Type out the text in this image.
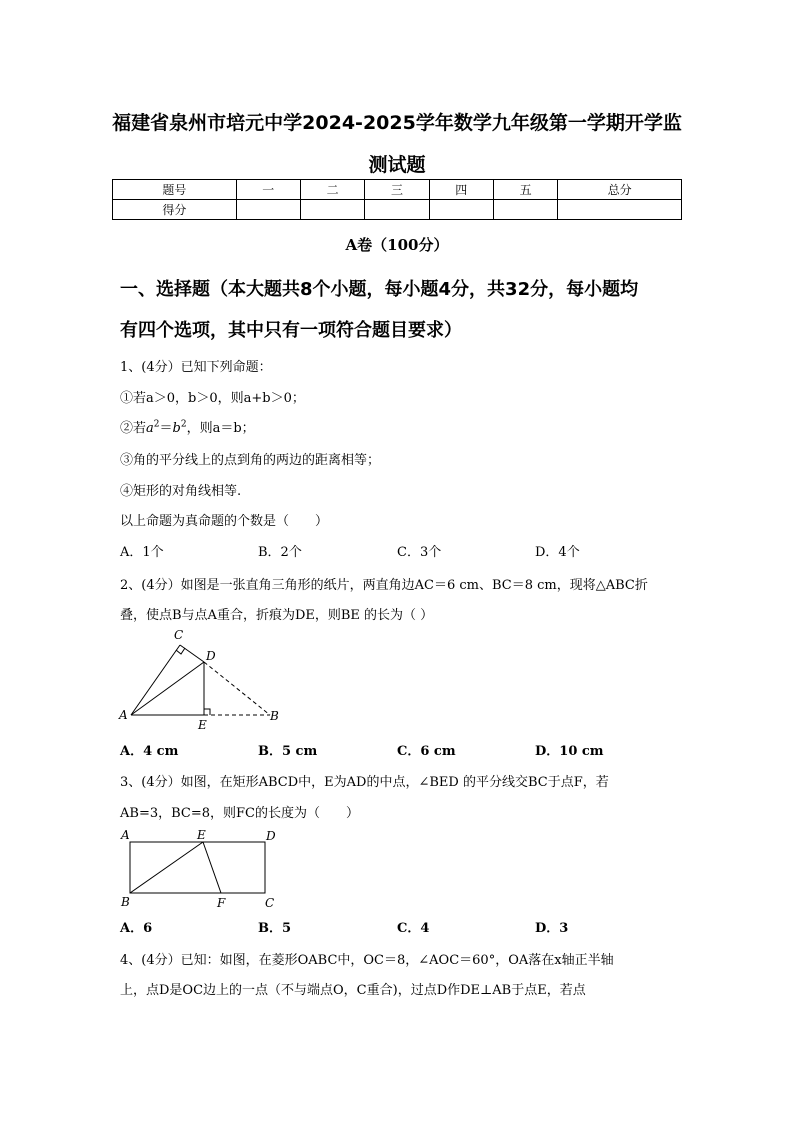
福建省泉州市培元中学2024-2025学年数学九年级第一学期开学监
测试题
题号	一	二	三	四	五	总分
得分						
A卷（100分）
一、选择题（本大题共8个小题，每小题4分，共32分，每小题均
有四个选项，其中只有一项符合题目要求）
1、(4分）已知下列命题：
①若a＞0，b＞0，则a+b＞0；
②若$a^2=b^2$，则a＝b；
③角的平分线上的点到角的两边的距离相等；
④矩形的对角线相等.
以上命题为真命题的个数是（　　）
A．1个	B．2个	C．3个	D．4个
2、(4分）如图是一张直角三角形的纸片，两直角边AC＝6 cm、BC＝8 cm，现将△ABC折
叠，使点B与点A重合，折痕为DE，则BE 的长为（ ）
C
D
A
E
B
A．4 cm	B．5 cm	C．6 cm	D．10 cm
3、(4分）如图，在矩形ABCD中，E为AD的中点，∠BED 的平分线交BC于点F，若
AB=3，BC=8，则FC的长度为（　　）
A	E	D
B	F	C
A．6	B．5	C．4	D．3
4、(4分）已知：如图，在菱形OABC中，OC＝8，∠AOC＝60°，OA落在x轴正半轴
上，点D是OC边上的一点（不与端点O，C重合)，过点D作DE⊥AB于点E，若点
